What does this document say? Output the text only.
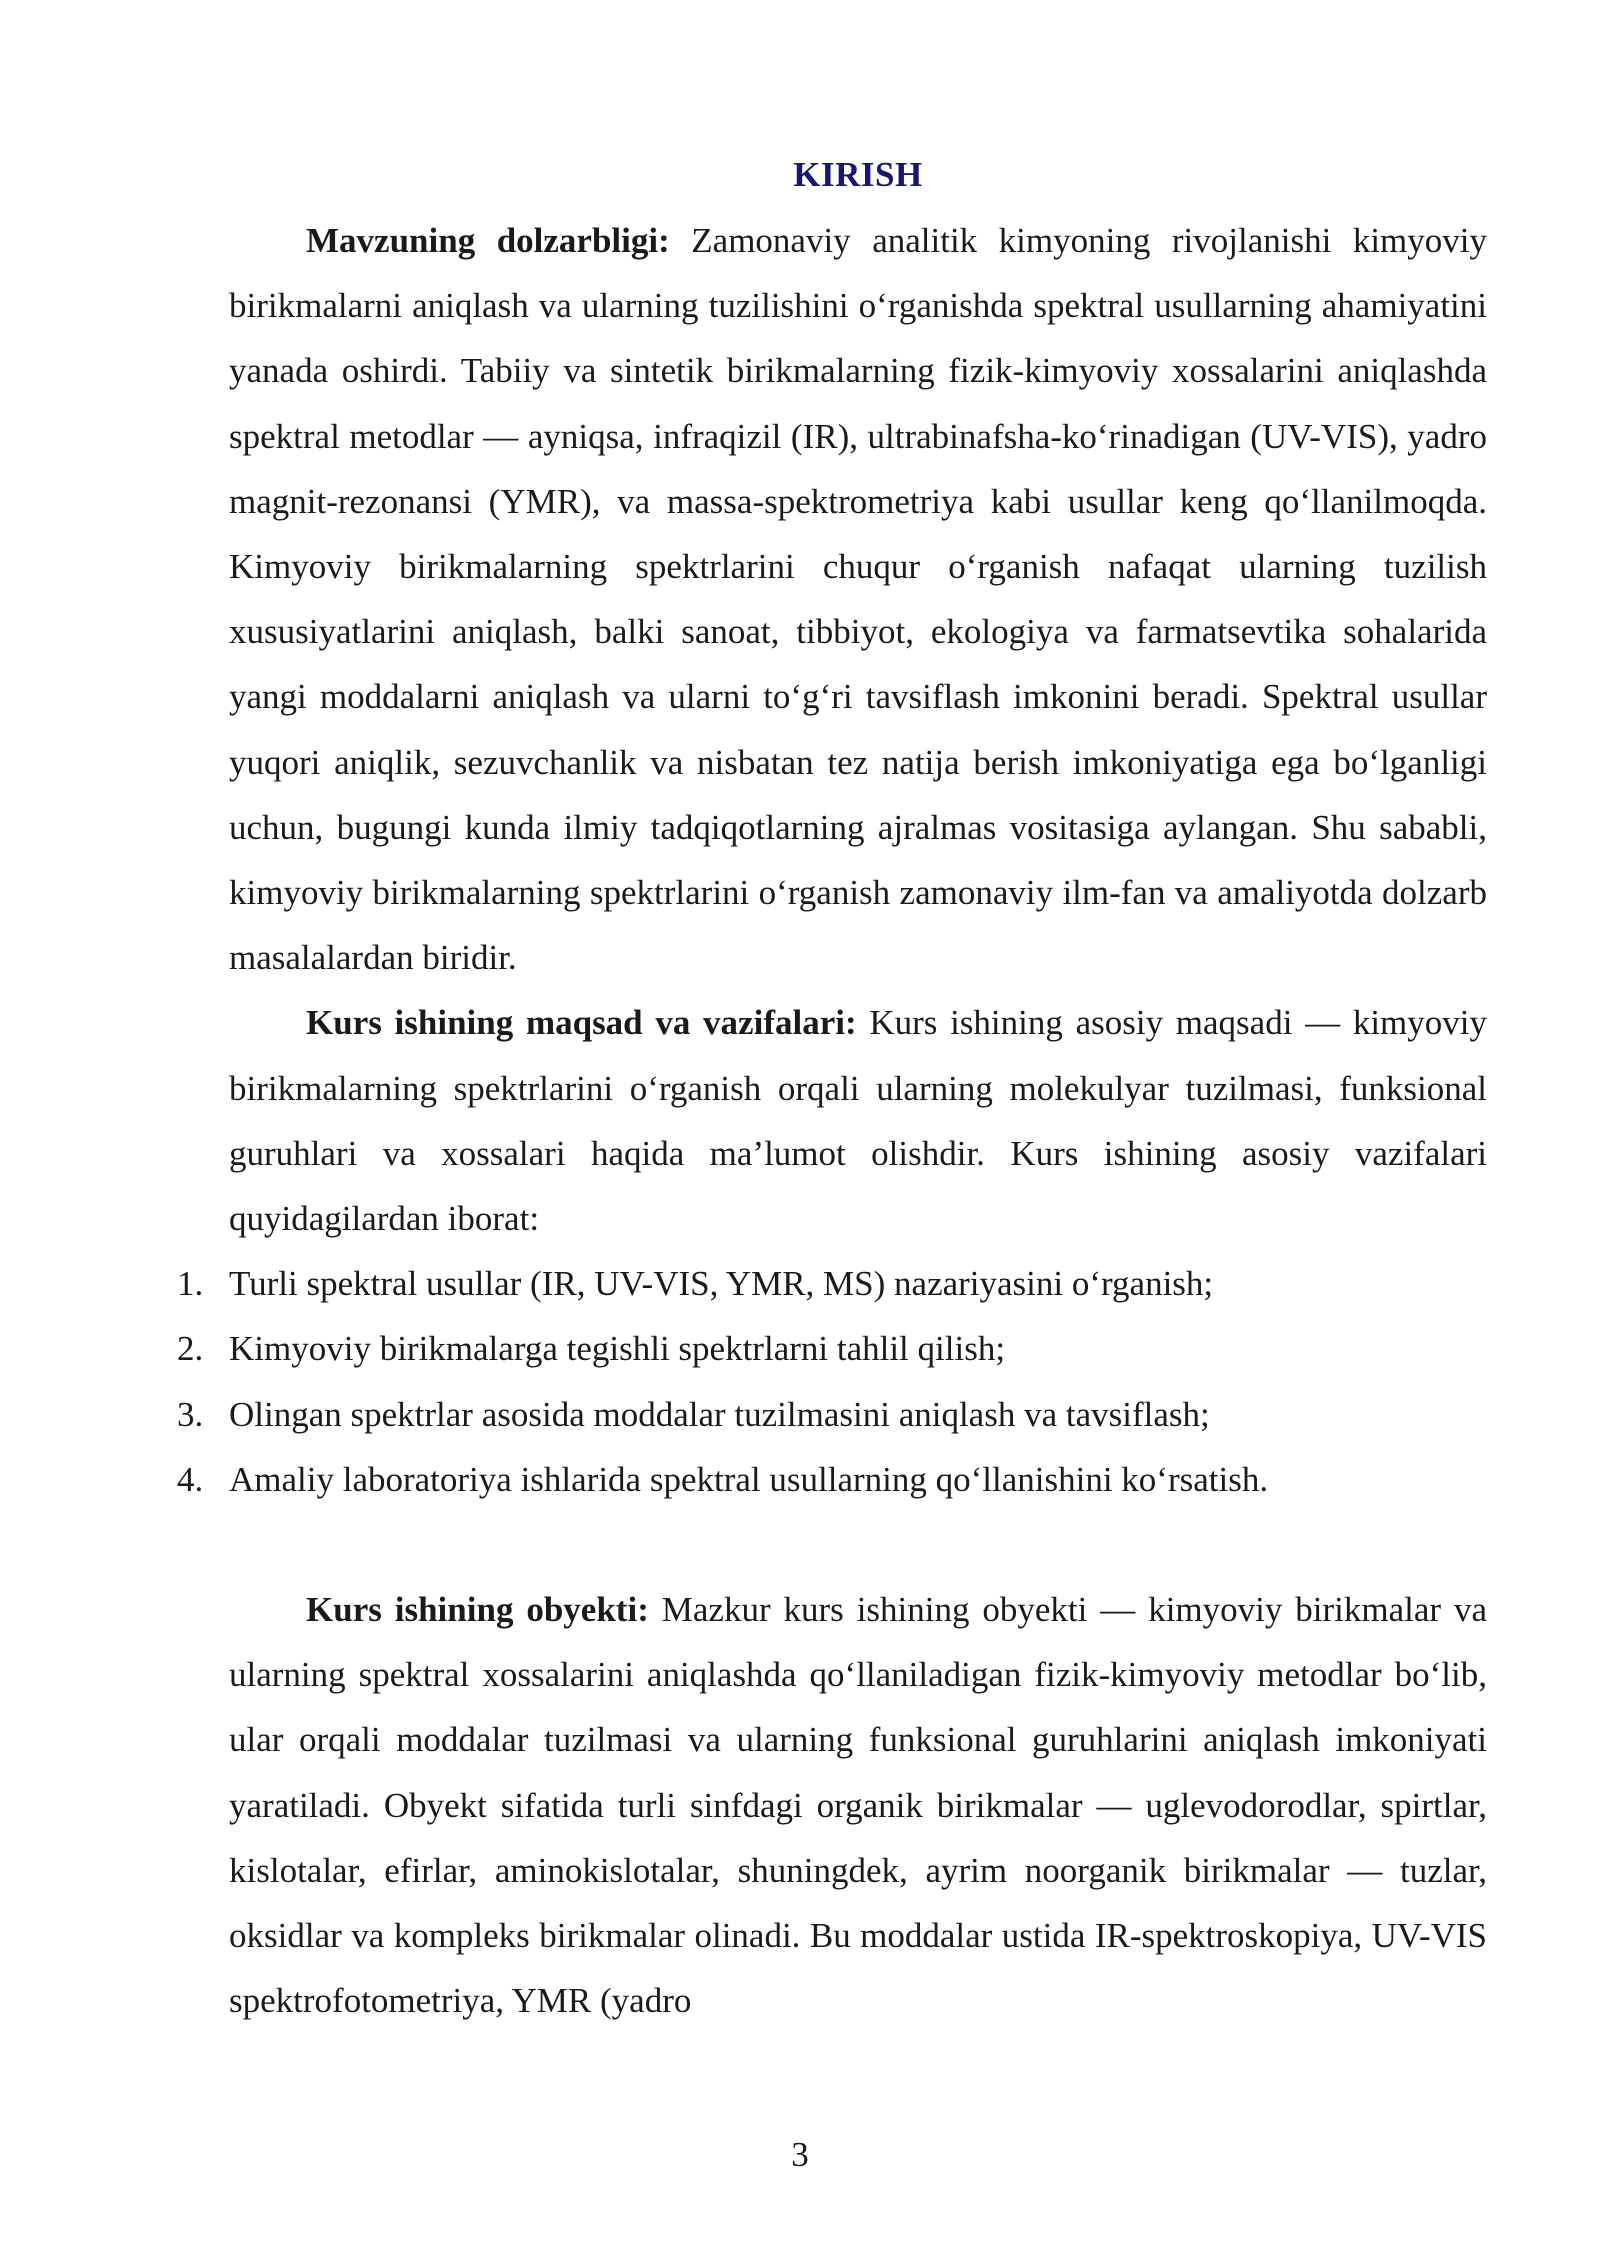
KIRISH

Mavzuning dolzarbligi: Zamonaviy analitik kimyoning rivojlanishi kimyoviy birikmalarni aniqlash va ularning tuzilishini o‘rganishda spektral usullarning ahamiyatini yanada oshirdi. Tabiiy va sintetik birikmalarning fizik-kimyoviy xossalarini aniqlashda spektral metodlar — ayniqsa, infraqizil (IR), ultrabinafsha-ko‘rinadigan (UV-VIS), yadro magnit-rezonansi (YMR), va massa-spektrometriya kabi usullar keng qo‘llanilmoqda. Kimyoviy birikmalarning spektrlarini chuqur o‘rganish nafaqat ularning tuzilish xususiyatlarini aniqlash, balki sanoat, tibbiyot, ekologiya va farmatsevtika sohalarida yangi moddalarni aniqlash va ularni to‘g‘ri tavsiflash imkonini beradi. Spektral usullar yuqori aniqlik, sezuvchanlik va nisbatan tez natija berish imkoniyatiga ega bo‘lganligi uchun, bugungi kunda ilmiy tadqiqotlarning ajralmas vositasiga aylangan. Shu sababli, kimyoviy birikmalarning spektrlarini o‘rganish zamonaviy ilm-fan va amaliyotda dolzarb masalalardan biridir.

Kurs ishining maqsad va vazifalari: Kurs ishining asosiy maqsadi — kimyoviy birikmalarning spektrlarini o‘rganish orqali ularning molekulyar tuzilmasi, funksional guruhlari va xossalari haqida ma’lumot olishdir. Kurs ishining asosiy vazifalari quyidagilardan iborat:

1. Turli spektral usullar (IR, UV-VIS, YMR, MS) nazariyasini o‘rganish;
2. Kimyoviy birikmalarga tegishli spektrlarni tahlil qilish;
3. Olingan spektrlar asosida moddalar tuzilmasini aniqlash va tavsiflash;
4. Amaliy laboratoriya ishlarida spektral usullarning qo‘llanishini ko‘rsatish.

Kurs ishining obyekti: Mazkur kurs ishining obyekti — kimyoviy birikmalar va ularning spektral xossalarini aniqlashda qo‘llaniladigan fizik-kimyoviy metodlar bo‘lib, ular orqali moddalar tuzilmasi va ularning funksional guruhlarini aniqlash imkoniyati yaratiladi. Obyekt sifatida turli sinfdagi organik birikmalar — uglevodorodlar, spirtlar, kislotalar, efirlar, aminokislotalar, shuningdek, ayrim noorganik birikmalar — tuzlar, oksidlar va kompleks birikmalar olinadi. Bu moddalar ustida IR-spektroskopiya, UV-VIS spektrofotometriya, YMR (yadro

3
